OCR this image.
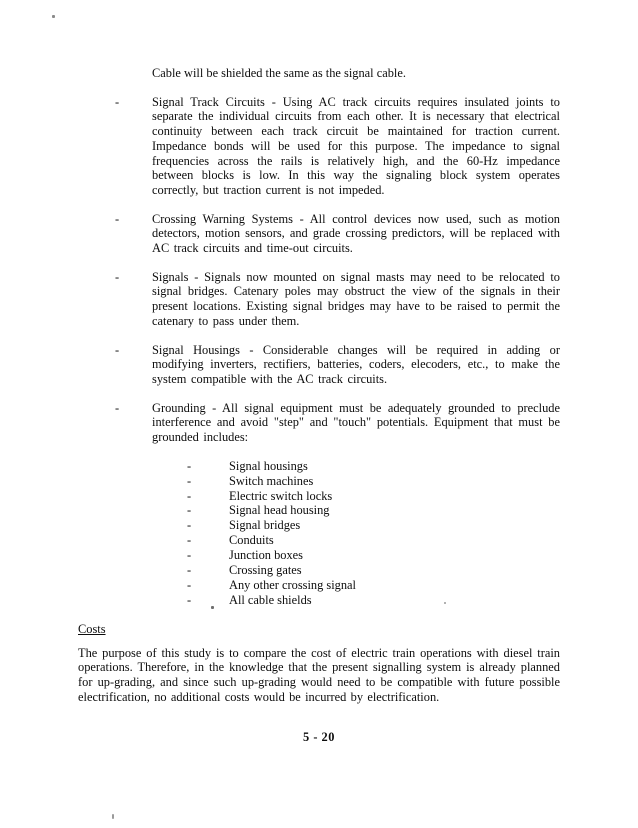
Cable will be shielded the same as the signal cable.
-	Signal Track Circuits - Using AC track circuits requires insulated joints to separate the individual circuits from each other. It is necessary that electrical continuity between each track circuit be maintained for traction current. Impedance bonds will be used for this purpose. The impedance to signal frequencies across the rails is relatively high, and the 60-Hz impedance between blocks is low. In this way the signaling block system operates correctly, but traction current is not impeded.
-	Crossing Warning Systems - All control devices now used, such as motion detectors, motion sensors, and grade crossing predictors, will be replaced with AC track circuits and time-out circuits.
-	Signals - Signals now mounted on signal masts may need to be relocated to signal bridges. Catenary poles may obstruct the view of the signals in their present locations. Existing signal bridges may have to be raised to permit the catenary to pass under them.
-	Signal Housings - Considerable changes will be required in adding or modifying inverters, rectifiers, batteries, coders, elecoders, etc., to make the system compatible with the AC track circuits.
-	Grounding - All signal equipment must be adequately grounded to preclude interference and avoid "step" and "touch" potentials. Equipment that must be grounded includes:
-	Signal housings
-	Switch machines
-	Electric switch locks
-	Signal head housing
-	Signal bridges
-	Conduits
-	Junction boxes
-	Crossing gates
-	Any other crossing signal
-	All cable shields
Costs
The purpose of this study is to compare the cost of electric train operations with diesel train operations. Therefore, in the knowledge that the present signalling system is already planned for up-grading, and since such up-grading would need to be compatible with future possible electrification, no additional costs would be incurred by electrification.
5 - 20
